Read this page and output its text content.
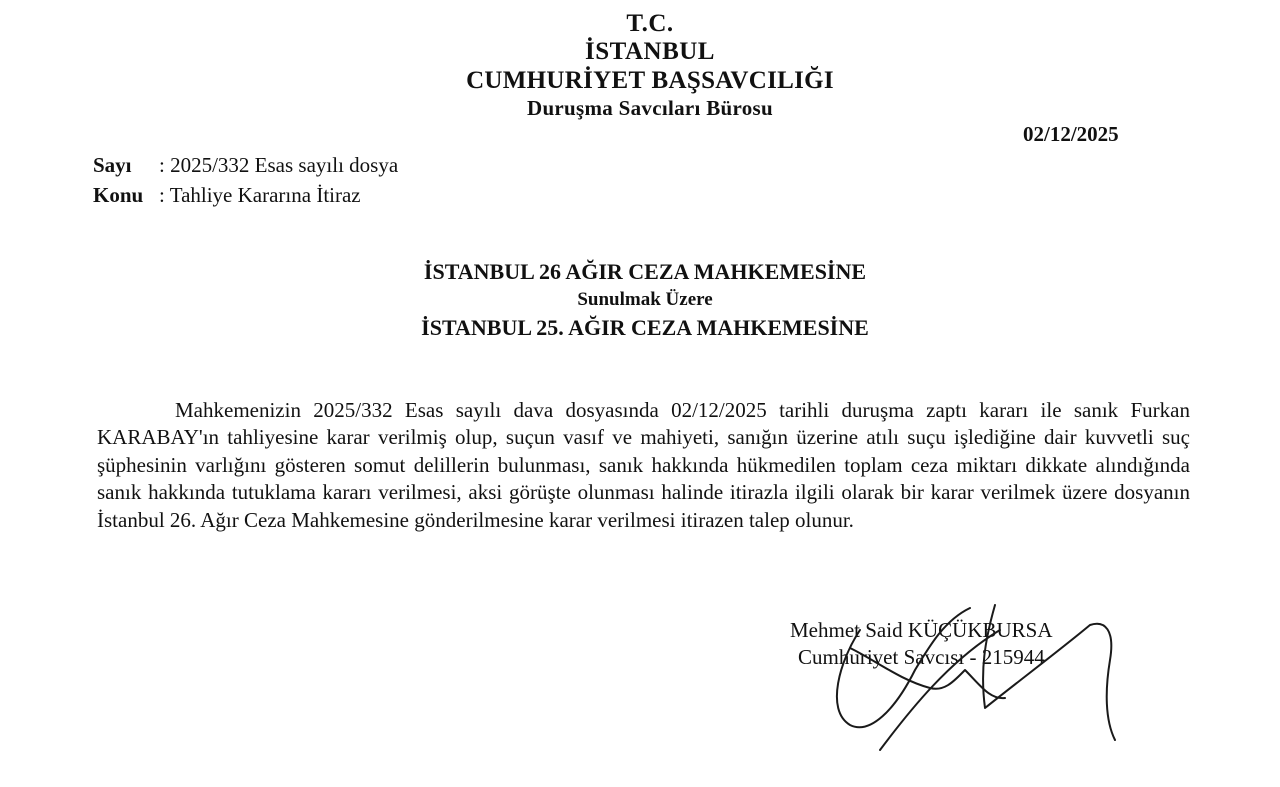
T.C.
İSTANBUL
CUMHURİYET BAŞSAVCILIĞI
Duruşma Savcıları Bürosu
02/12/2025
Sayı : 2025/332 Esas sayılı dosya
Konu : Tahliye Kararına İtiraz
İSTANBUL 26 AĞIR CEZA MAHKEMESİNE
Sunulmak Üzere
İSTANBUL 25. AĞIR CEZA MAHKEMESİNE
Mahkemenizin 2025/332 Esas sayılı dava dosyasında 02/12/2025 tarihli duruşma zaptı kararı ile sanık Furkan KARABAY'ın tahliyesine karar verilmiş olup, suçun vasıf ve mahiyeti, sanığın üzerine atılı suçu işlediğine dair kuvvetli suç şüphesinin varlığını gösteren somut delillerin bulunması, sanık hakkında hükmedilen toplam ceza miktarı dikkate alındığında sanık hakkında tutuklama kararı verilmesi, aksi görüşte olunması halinde itirazla ilgili olarak bir karar verilmek üzere dosyanın İstanbul 26. Ağır Ceza Mahkemesine gönderilmesine karar verilmesi itirazen talep olunur.
Mehmet Said KÜÇÜKBURSA
Cumhuriyet Savcısı - 215944
